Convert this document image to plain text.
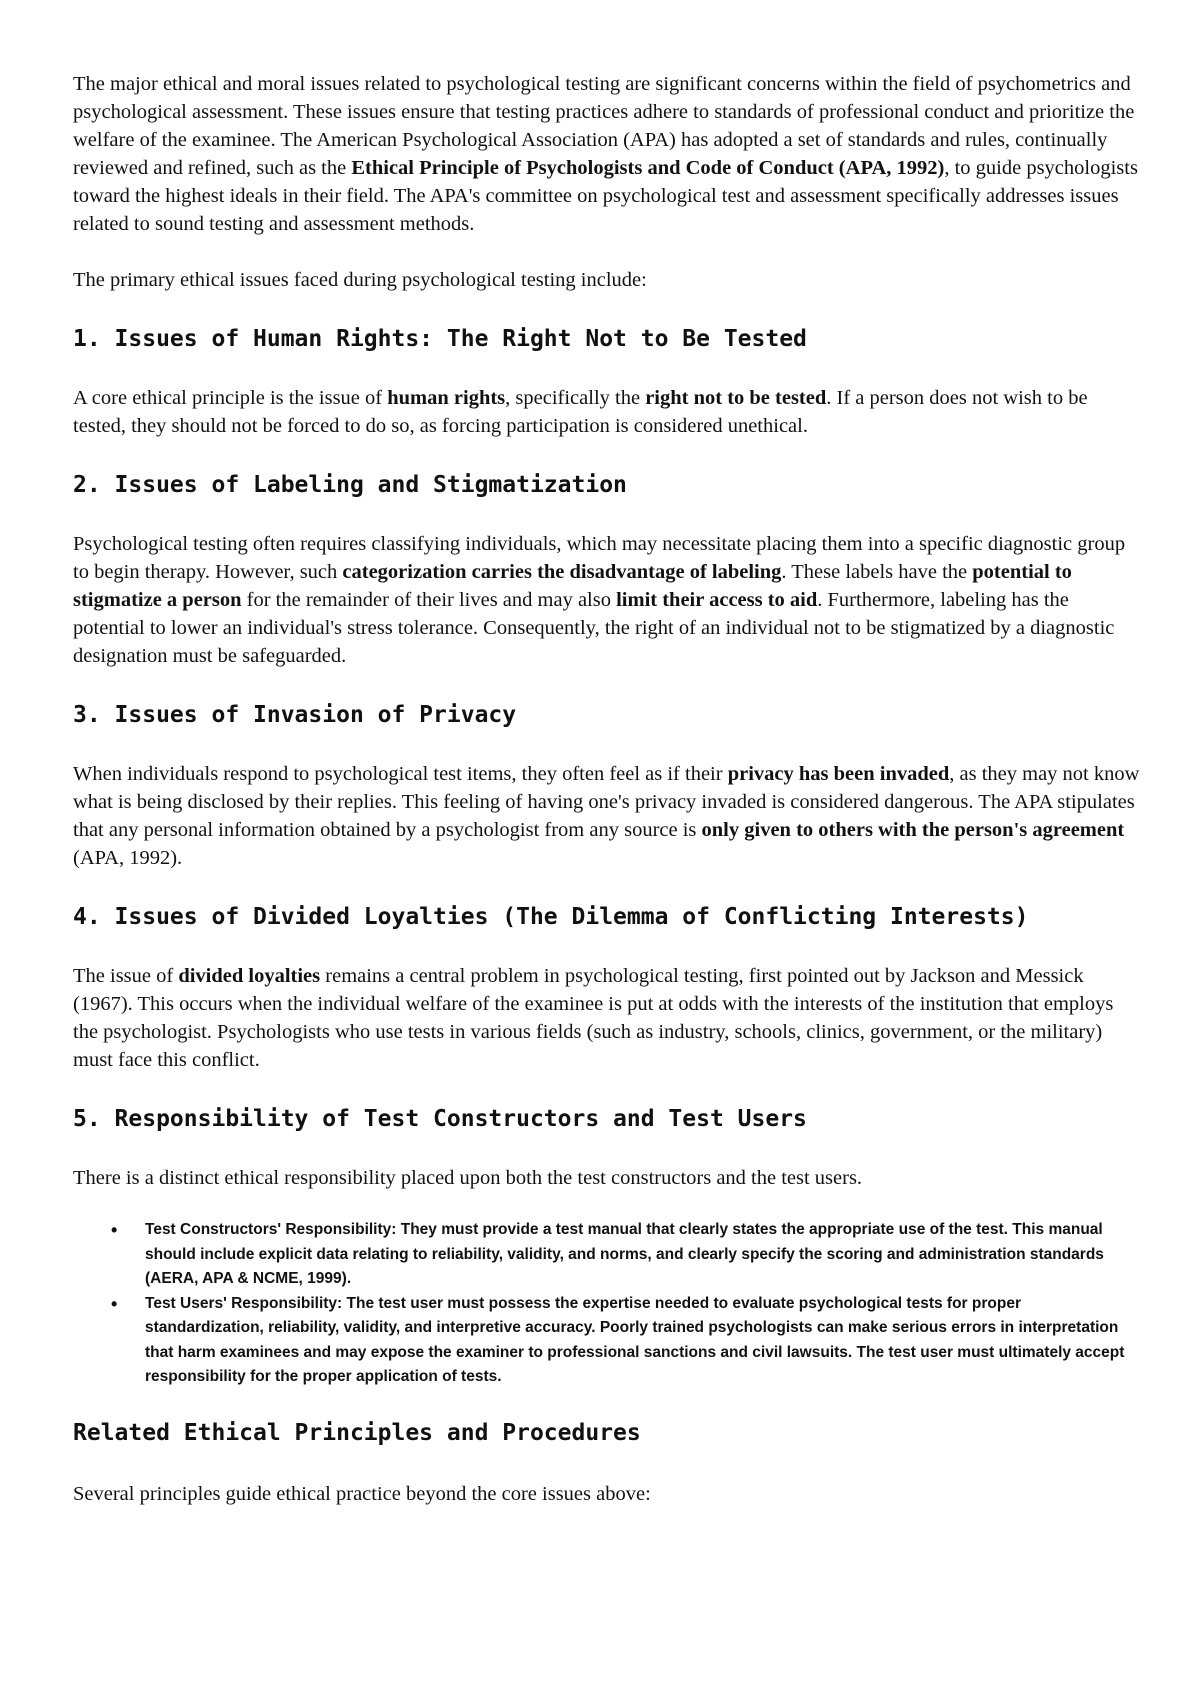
The major ethical and moral issues related to psychological testing are significant concerns within the field of psychometrics and psychological assessment. These issues ensure that testing practices adhere to standards of professional conduct and prioritize the welfare of the examinee. The American Psychological Association (APA) has adopted a set of standards and rules, continually reviewed and refined, such as the Ethical Principle of Psychologists and Code of Conduct (APA, 1992), to guide psychologists toward the highest ideals in their field. The APA's committee on psychological test and assessment specifically addresses issues related to sound testing and assessment methods.

The primary ethical issues faced during psychological testing include:

1. Issues of Human Rights: The Right Not to Be Tested

A core ethical principle is the issue of human rights, specifically the right not to be tested. If a person does not wish to be tested, they should not be forced to do so, as forcing participation is considered unethical.

2. Issues of Labeling and Stigmatization

Psychological testing often requires classifying individuals, which may necessitate placing them into a specific diagnostic group to begin therapy. However, such categorization carries the disadvantage of labeling. These labels have the potential to stigmatize a person for the remainder of their lives and may also limit their access to aid. Furthermore, labeling has the potential to lower an individual's stress tolerance. Consequently, the right of an individual not to be stigmatized by a diagnostic designation must be safeguarded.

3. Issues of Invasion of Privacy

When individuals respond to psychological test items, they often feel as if their privacy has been invaded, as they may not know what is being disclosed by their replies. This feeling of having one's privacy invaded is considered dangerous. The APA stipulates that any personal information obtained by a psychologist from any source is only given to others with the person's agreement (APA, 1992).

4. Issues of Divided Loyalties (The Dilemma of Conflicting Interests)

The issue of divided loyalties remains a central problem in psychological testing, first pointed out by Jackson and Messick (1967). This occurs when the individual welfare of the examinee is put at odds with the interests of the institution that employs the psychologist. Psychologists who use tests in various fields (such as industry, schools, clinics, government, or the military) must face this conflict.

5. Responsibility of Test Constructors and Test Users

There is a distinct ethical responsibility placed upon both the test constructors and the test users.

• Test Constructors' Responsibility: They must provide a test manual that clearly states the appropriate use of the test. This manual should include explicit data relating to reliability, validity, and norms, and clearly specify the scoring and administration standards (AERA, APA & NCME, 1999).
• Test Users' Responsibility: The test user must possess the expertise needed to evaluate psychological tests for proper standardization, reliability, validity, and interpretive accuracy. Poorly trained psychologists can make serious errors in interpretation that harm examinees and may expose the examiner to professional sanctions and civil lawsuits. The test user must ultimately accept responsibility for the proper application of tests.
Related Ethical Principles and Procedures

Several principles guide ethical practice beyond the core issues above:
